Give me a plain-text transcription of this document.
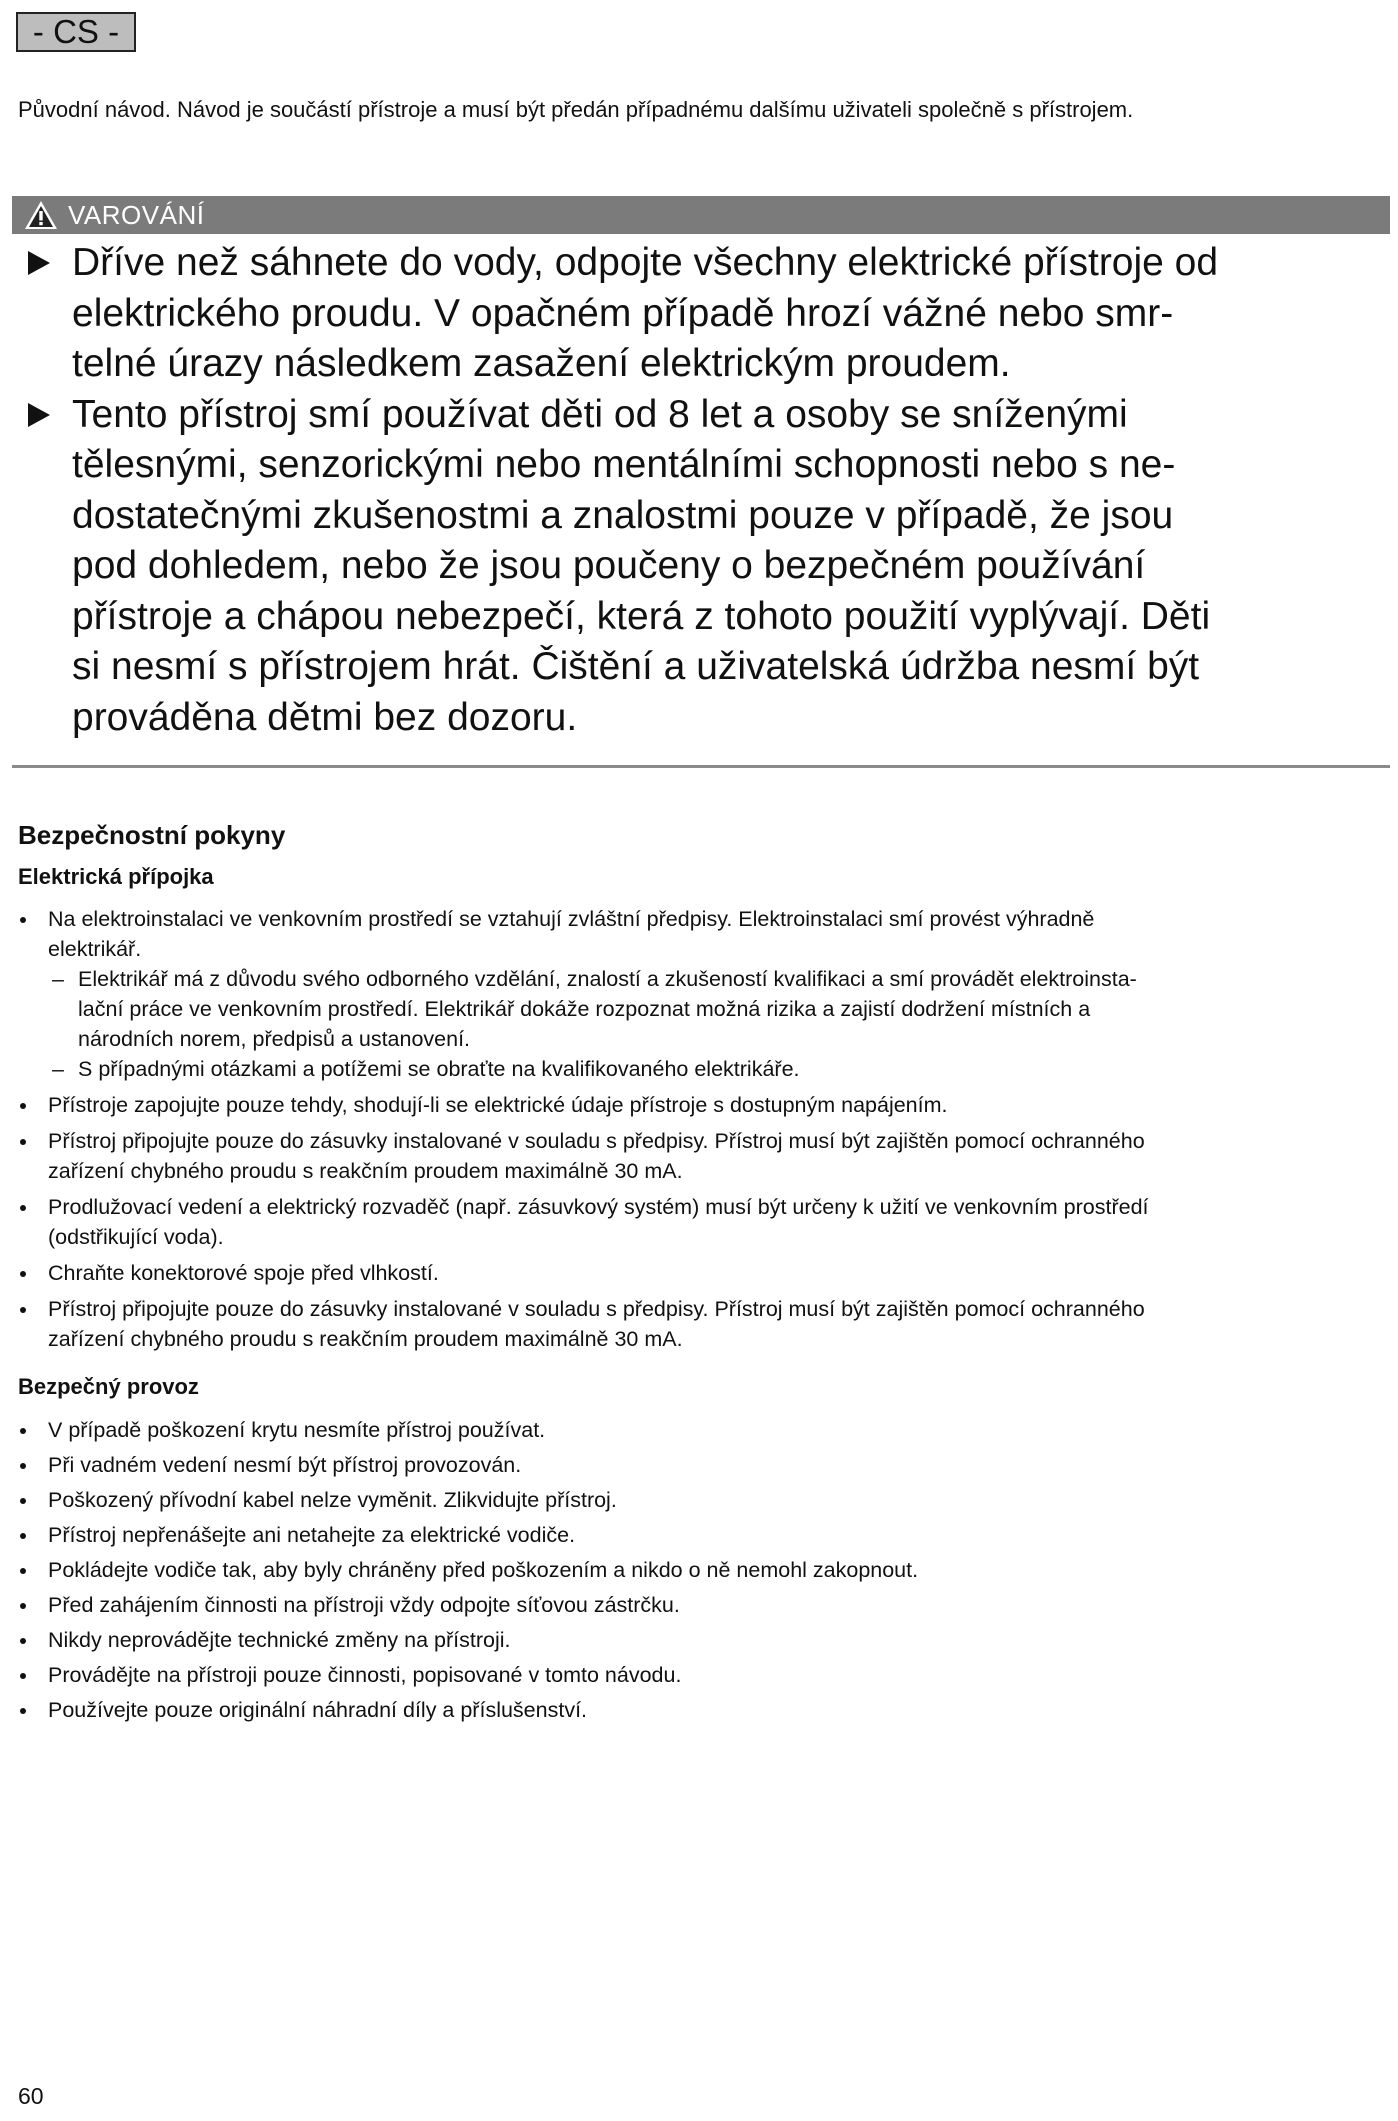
- CS -
Původní návod. Návod je součástí přístroje a musí být předán případnému dalšímu uživateli společně s přístrojem.
VAROVÁNÍ
Dříve než sáhnete do vody, odpojte všechny elektrické přístroje od
elektrického proudu. V opačném případě hrozí vážné nebo smr-
telné úrazy následkem zasažení elektrickým proudem.
Tento přístroj smí používat děti od 8 let a osoby se sníženými
tělesnými, senzorickými nebo mentálními schopnosti nebo s ne-
dostatečnými zkušenostmi a znalostmi pouze v případě, že jsou
pod dohledem, nebo že jsou poučeny o bezpečném používání
přístroje a chápou nebezpečí, která z tohoto použití vyplývají. Děti
si nesmí s přístrojem hrát. Čištění a uživatelská údržba nesmí být
prováděna dětmi bez dozoru.
Bezpečnostní pokyny
Elektrická přípojka
Na elektroinstalaci ve venkovním prostředí se vztahují zvláštní předpisy. Elektroinstalaci smí provést výhradně
elektrikář.
– Elektrikář má z důvodu svého odborného vzdělání, znalostí a zkušeností kvalifikaci a smí provádět elektroinsta-
lační práce ve venkovním prostředí. Elektrikář dokáže rozpoznat možná rizika a zajistí dodržení místních a
národních norem, předpisů a ustanovení.
– S případnými otázkami a potížemi se obraťte na kvalifikovaného elektrikáře.
Přístroje zapojujte pouze tehdy, shodují-li se elektrické údaje přístroje s dostupným napájením.
Přístroj připojujte pouze do zásuvky instalované v souladu s předpisy. Přístroj musí být zajištěn pomocí ochranného
zařízení chybného proudu s reakčním proudem maximálně 30 mA.
Prodlužovací vedení a elektrický rozvaděč (např. zásuvkový systém) musí být určeny k užití ve venkovním prostředí
(odstřikující voda).
Chraňte konektorové spoje před vlhkostí.
Přístroj připojujte pouze do zásuvky instalované v souladu s předpisy. Přístroj musí být zajištěn pomocí ochranného
zařízení chybného proudu s reakčním proudem maximálně 30 mA.
Bezpečný provoz
V případě poškození krytu nesmíte přístroj používat.
Při vadném vedení nesmí být přístroj provozován.
Poškozený přívodní kabel nelze vyměnit. Zlikvidujte přístroj.
Přístroj nepřenášejte ani netahejte za elektrické vodiče.
Pokládejte vodiče tak, aby byly chráněny před poškozením a nikdo o ně nemohl zakopnout.
Před zahájením činnosti na přístroji vždy odpojte síťovou zástrčku.
Nikdy neprovádějte technické změny na přístroji.
Provádějte na přístroji pouze činnosti, popisované v tomto návodu.
Používejte pouze originální náhradní díly a příslušenství.
60
